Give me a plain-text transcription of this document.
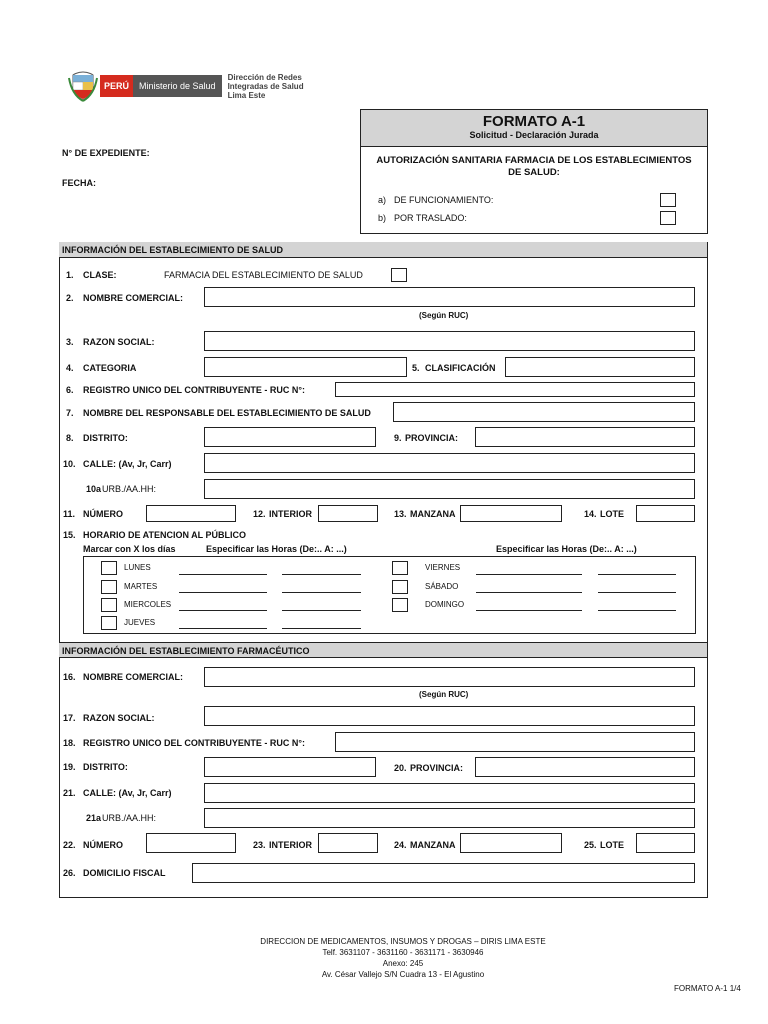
PERÚ	Ministerio de Salud
Dirección de Redes
Integradas de Salud
Lima Este
N° DE EXPEDIENTE:
FECHA:
FORMATO A-1
Solicitud - Declaración Jurada
AUTORIZACIÓN SANITARIA FARMACIA DE LOS ESTABLECIMIENTOS
DE SALUD:
a) DE FUNCIONAMIENTO:
b) POR TRASLADO:
INFORMACIÓN DEL ESTABLECIMIENTO DE SALUD
1. CLASE:	FARMACIA DEL ESTABLECIMIENTO DE SALUD
2. NOMBRE COMERCIAL:
(Según RUC)
3. RAZON SOCIAL:
4. CATEGORIA	5. CLASIFICACIÓN
6. REGISTRO UNICO DEL CONTRIBUYENTE - RUC N°:
7. NOMBRE DEL RESPONSABLE DEL ESTABLECIMIENTO DE SALUD
8. DISTRITO:	9. PROVINCIA:
10. CALLE: (Av, Jr, Carr)
10a URB./AA.HH:
11. NÚMERO	12. INTERIOR	13. MANZANA	14. LOTE
15. HORARIO DE ATENCION AL PÚBLICO
Marcar con X los días	Especificar las Horas (De:.. A: ...)	Especificar las Horas (De:.. A: ...)
LUNES
MARTES
MIERCOLES
JUEVES
VIERNES
SÁBADO
DOMINGO
INFORMACIÓN DEL ESTABLECIMIENTO FARMACÉUTICO
16. NOMBRE COMERCIAL:
(Según RUC)
17. RAZON SOCIAL:
18. REGISTRO UNICO DEL CONTRIBUYENTE - RUC N°:
19. DISTRITO:	20. PROVINCIA:
21. CALLE: (Av, Jr, Carr)
21a URB./AA.HH:
22. NÚMERO	23. INTERIOR	24. MANZANA	25. LOTE
26. DOMICILIO FISCAL
DIRECCION DE MEDICAMENTOS, INSUMOS Y DROGAS – DIRIS LIMA ESTE
Telf. 3631107 - 3631160 - 3631171 - 3630946
Anexo: 245
Av. César Vallejo S/N Cuadra 13 - El Agustino
FORMATO A-1 1/4
